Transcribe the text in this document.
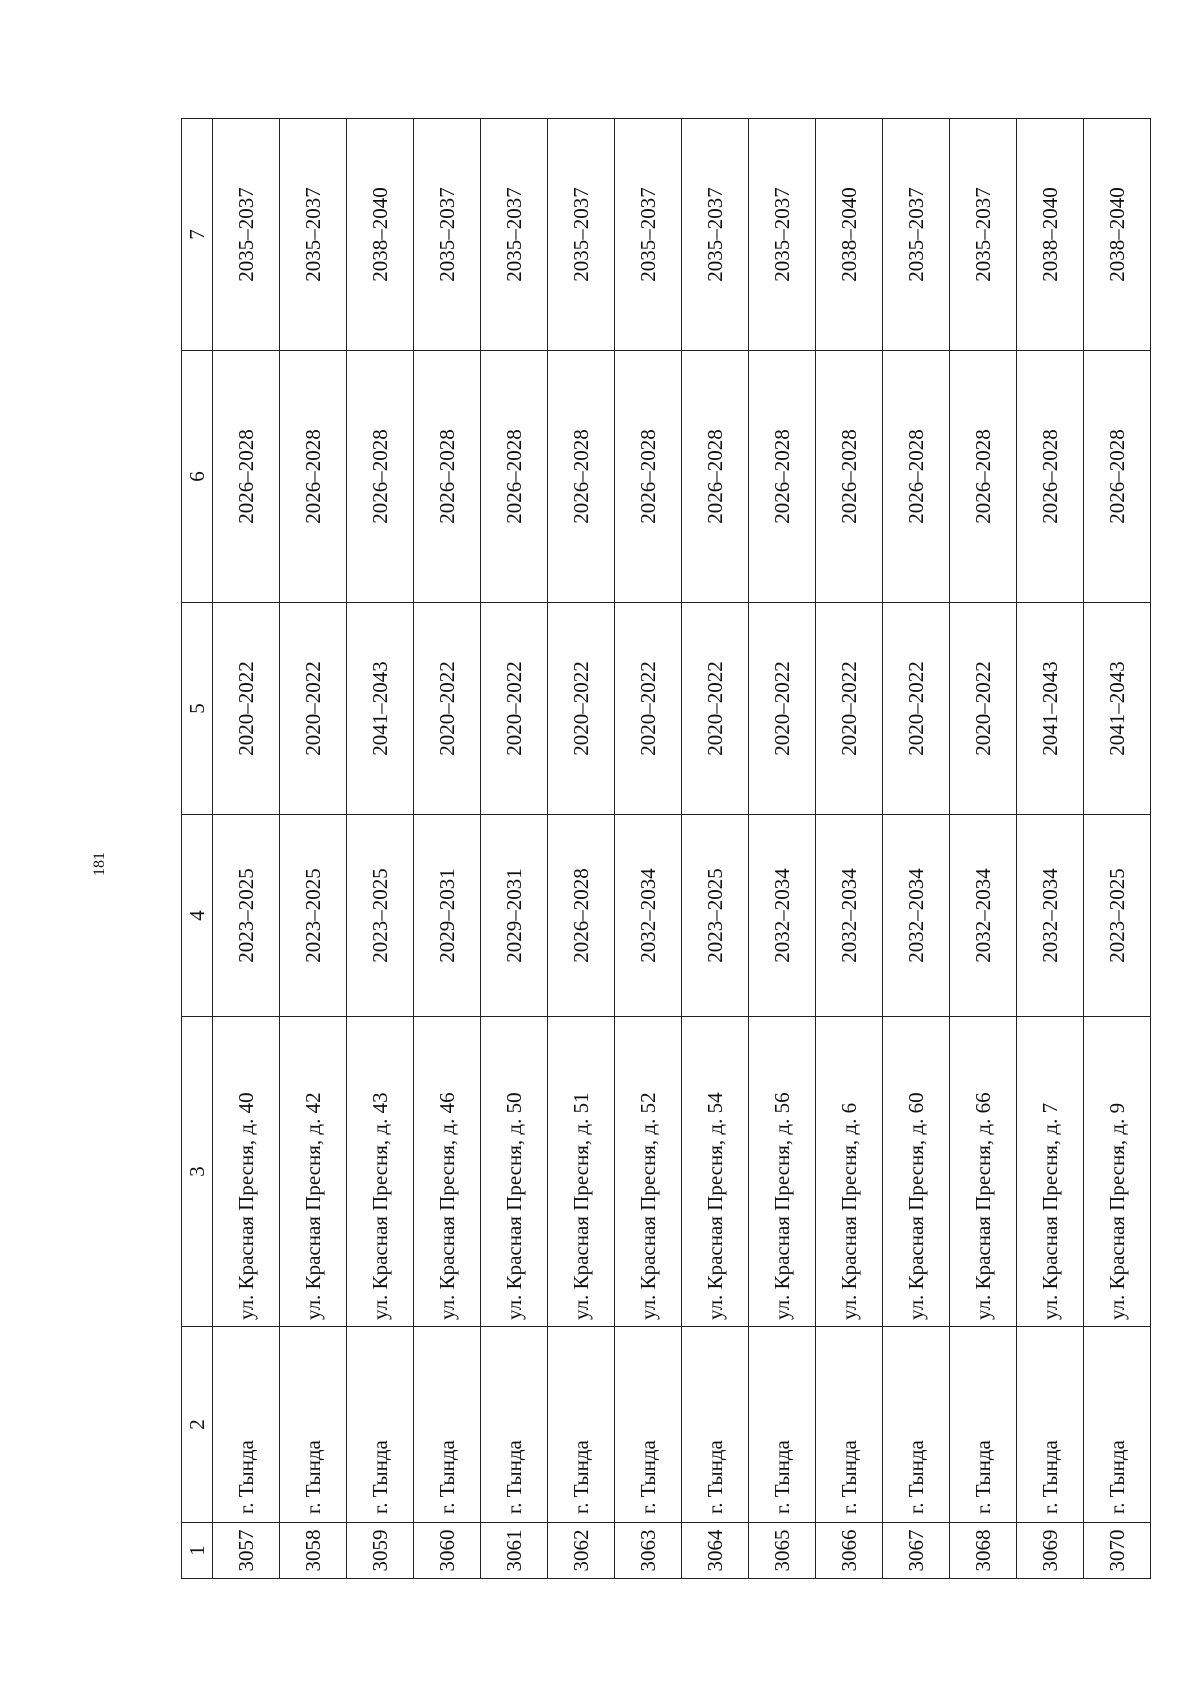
181
1	2	3	4	5	6	7
3057	г. Тында	ул. Красная Пресня, д. 40	2023–2025	2020–2022	2026–2028	2035–2037
3058	г. Тында	ул. Красная Пресня, д. 42	2023–2025	2020–2022	2026–2028	2035–2037
3059	г. Тында	ул. Красная Пресня, д. 43	2023–2025	2041–2043	2026–2028	2038–2040
3060	г. Тында	ул. Красная Пресня, д. 46	2029–2031	2020–2022	2026–2028	2035–2037
3061	г. Тында	ул. Красная Пресня, д. 50	2029–2031	2020–2022	2026–2028	2035–2037
3062	г. Тында	ул. Красная Пресня, д. 51	2026–2028	2020–2022	2026–2028	2035–2037
3063	г. Тында	ул. Красная Пресня, д. 52	2032–2034	2020–2022	2026–2028	2035–2037
3064	г. Тында	ул. Красная Пресня, д. 54	2023–2025	2020–2022	2026–2028	2035–2037
3065	г. Тында	ул. Красная Пресня, д. 56	2032–2034	2020–2022	2026–2028	2035–2037
3066	г. Тында	ул. Красная Пресня, д. 6	2032–2034	2020–2022	2026–2028	2038–2040
3067	г. Тында	ул. Красная Пресня, д. 60	2032–2034	2020–2022	2026–2028	2035–2037
3068	г. Тында	ул. Красная Пресня, д. 66	2032–2034	2020–2022	2026–2028	2035–2037
3069	г. Тында	ул. Красная Пресня, д. 7	2032–2034	2041–2043	2026–2028	2038–2040
3070	г. Тында	ул. Красная Пресня, д. 9	2023–2025	2041–2043	2026–2028	2038–2040
